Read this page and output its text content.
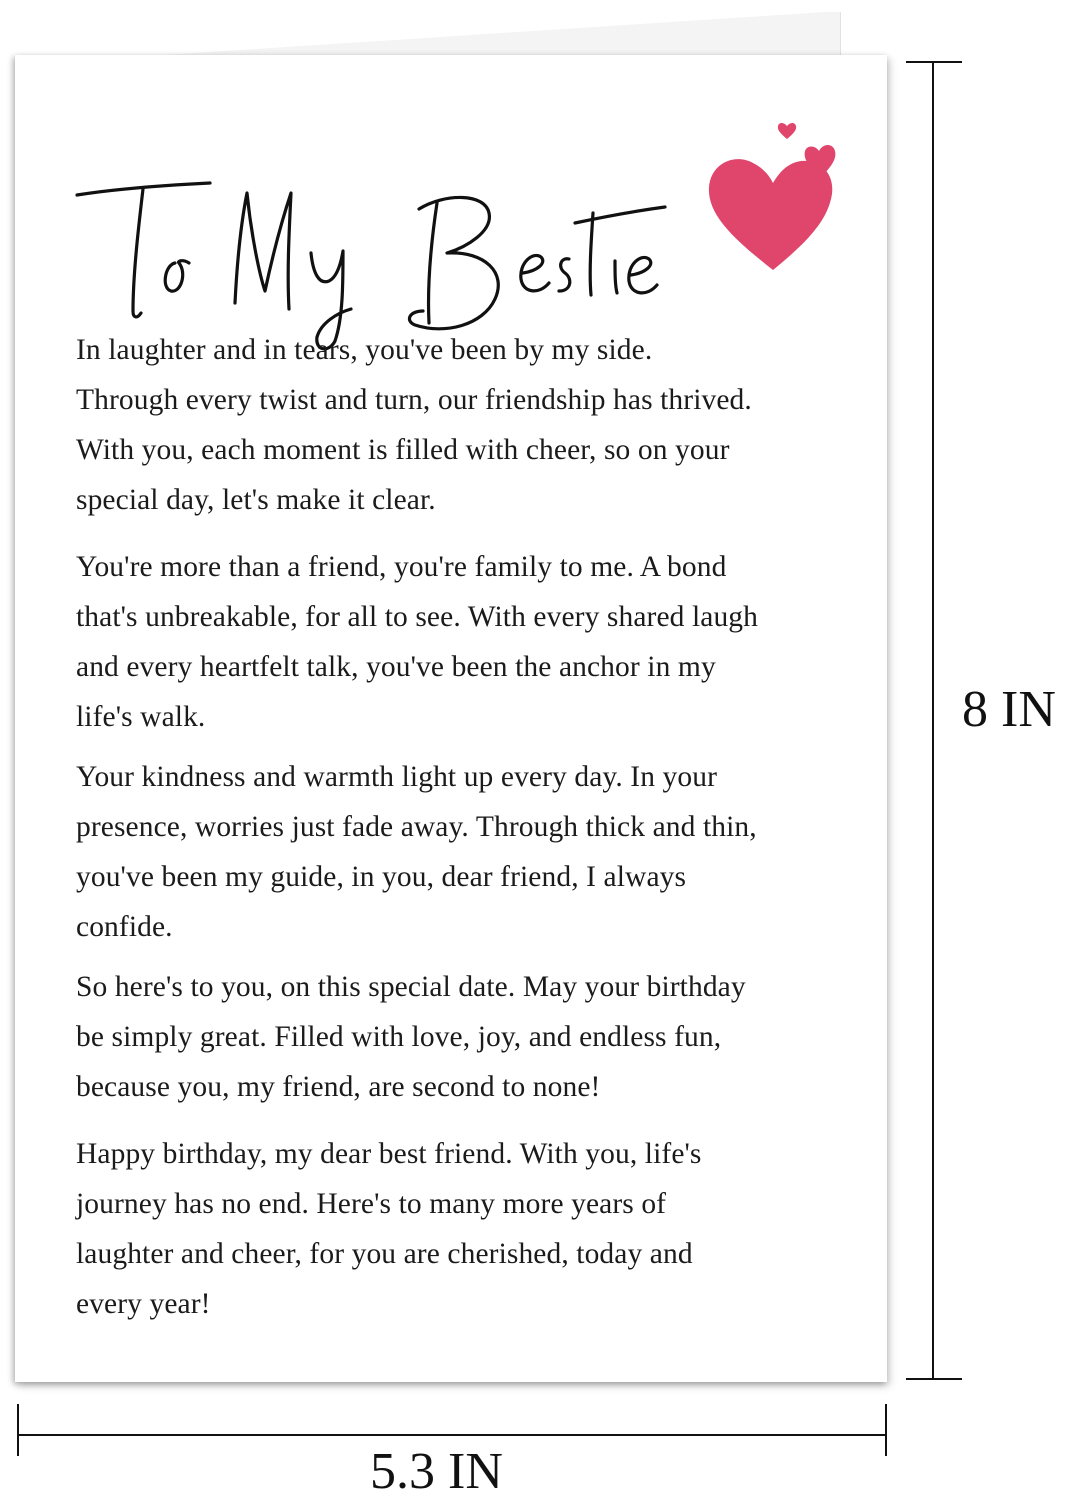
In laughter and in tears, you've been by my side.
Through every twist and turn, our friendship has thrived.
With you, each moment is filled with cheer, so on your
special day, let's make it clear.

You're more than a friend, you're family to me. A bond
that's unbreakable, for all to see. With every shared laugh
and every heartfelt talk, you've been the anchor in my
life's walk.

Your kindness and warmth light up every day. In your
presence, worries just fade away. Through thick and thin,
you've been my guide, in you, dear friend, I always
confide.

So here's to you, on this special date. May your birthday
be simply great. Filled with love, joy, and endless fun,
because you, my friend, are second to none!

Happy birthday, my dear best friend. With you, life's
journey has no end. Here's to many more years of
laughter and cheer, for you are cherished, today and
every year!

8 IN
5.3 IN
